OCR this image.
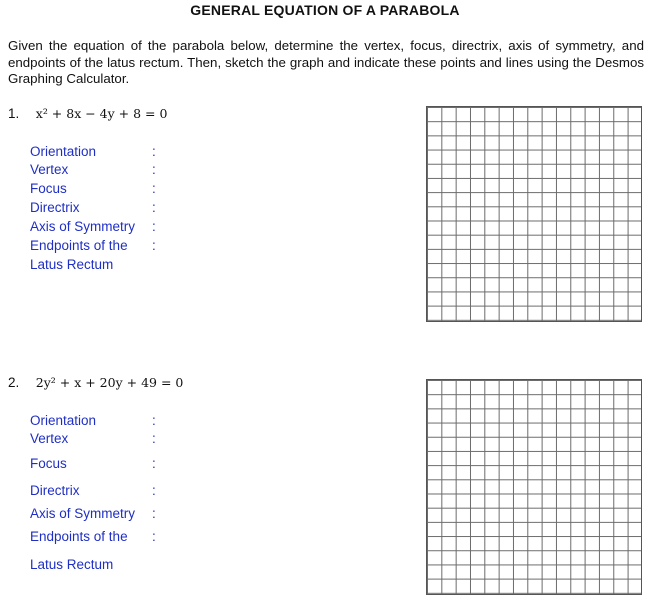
GENERAL EQUATION OF A PARABOLA
Given the equation of the parabola below, determine the vertex, focus, directrix, axis of symmetry, and endpoints of the latus rectum. Then, sketch the graph and indicate these points and lines using the Desmos Graphing Calculator.
1. x² + 8x − 4y + 8 = 0
Orientation	:
Vertex	:
Focus	:
Directrix	:
Axis of Symmetry :
Endpoints of the :
Latus Rectum
2. 2y² + x + 20y + 49 = 0
Orientation	:
Vertex	:
Focus	:
Directrix	:
Axis of Symmetry :
Endpoints of the :
Latus Rectum
